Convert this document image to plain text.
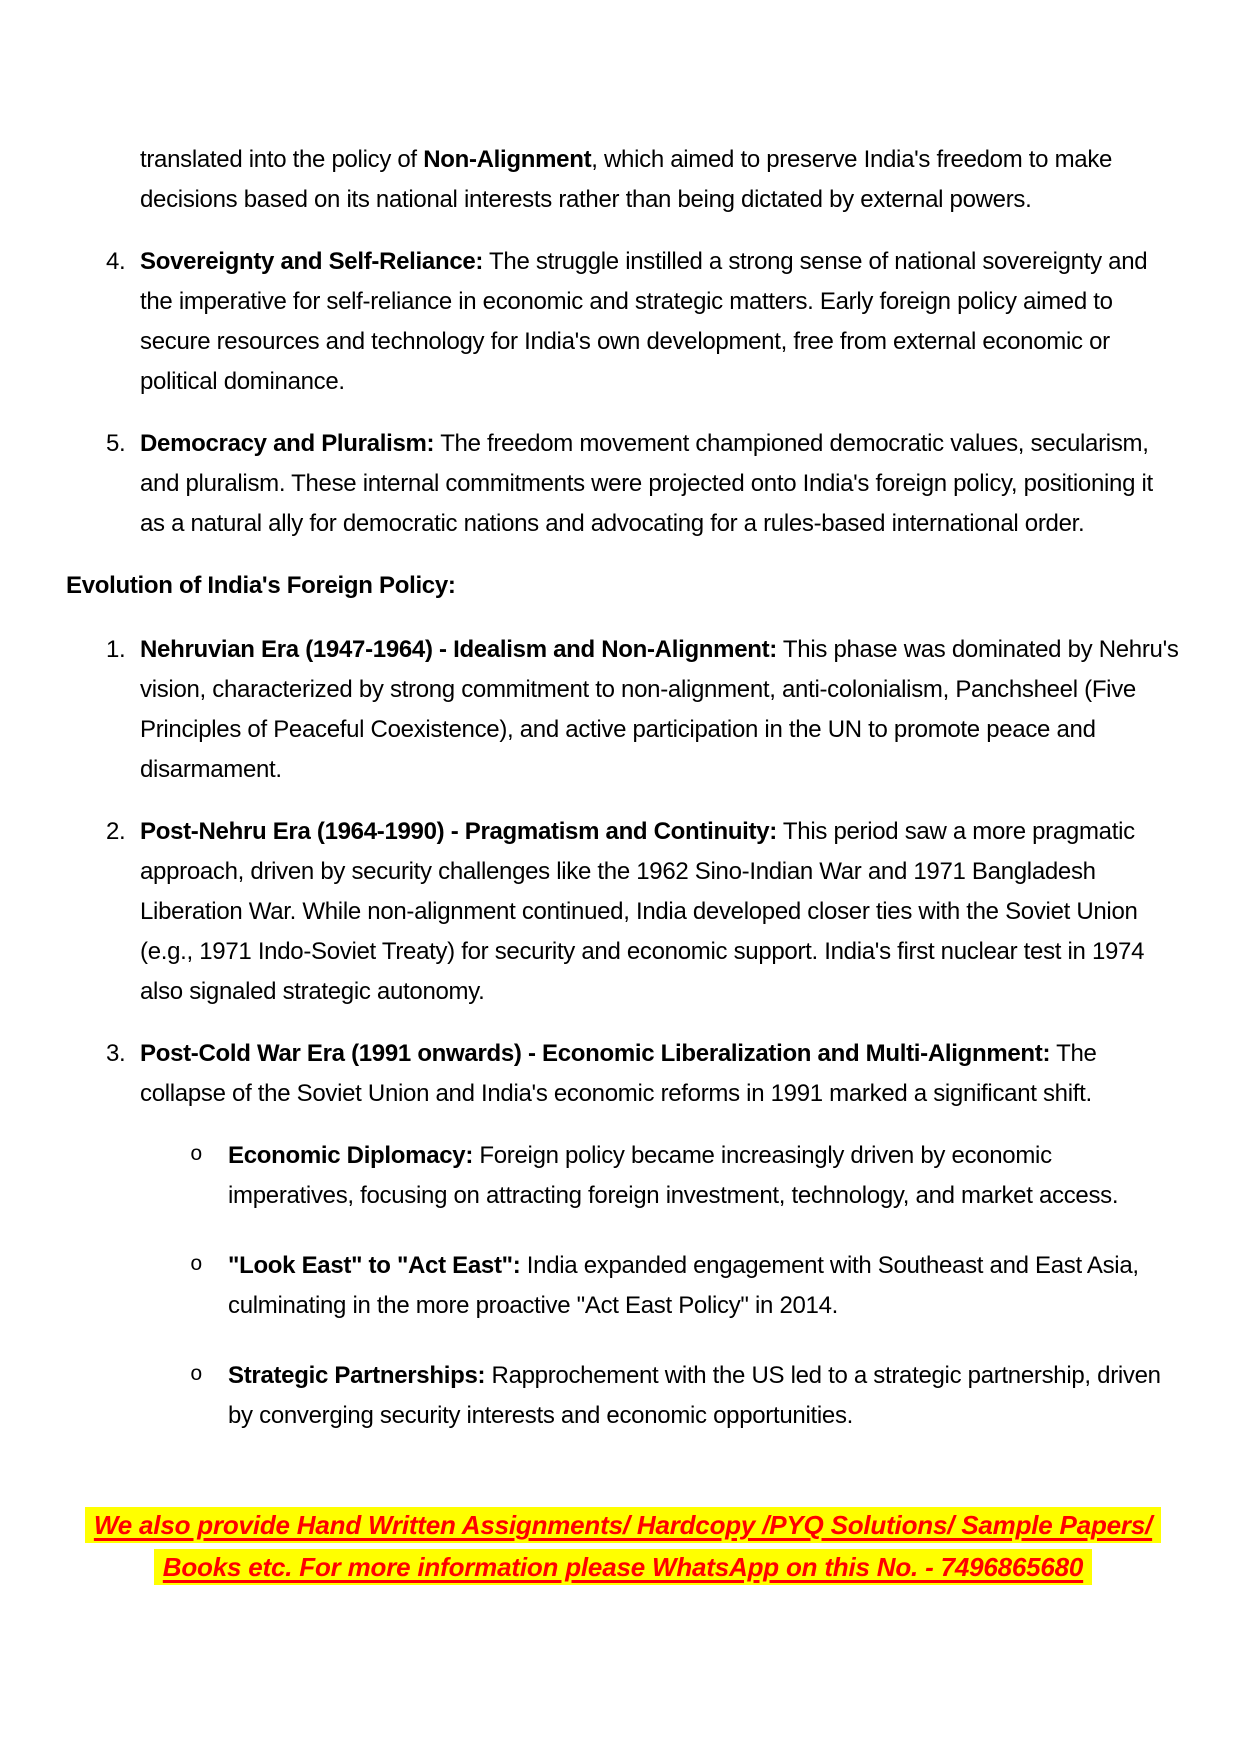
translated into the policy of Non-Alignment, which aimed to preserve India's freedom to make decisions based on its national interests rather than being dictated by external powers.
4. Sovereignty and Self-Reliance: The struggle instilled a strong sense of national sovereignty and the imperative for self-reliance in economic and strategic matters. Early foreign policy aimed to secure resources and technology for India's own development, free from external economic or political dominance.
5. Democracy and Pluralism: The freedom movement championed democratic values, secularism, and pluralism. These internal commitments were projected onto India's foreign policy, positioning it as a natural ally for democratic nations and advocating for a rules-based international order.
Evolution of India's Foreign Policy:
1. Nehruvian Era (1947-1964) - Idealism and Non-Alignment: This phase was dominated by Nehru's vision, characterized by strong commitment to non-alignment, anti-colonialism, Panchsheel (Five Principles of Peaceful Coexistence), and active participation in the UN to promote peace and disarmament.
2. Post-Nehru Era (1964-1990) - Pragmatism and Continuity: This period saw a more pragmatic approach, driven by security challenges like the 1962 Sino-Indian War and 1971 Bangladesh Liberation War. While non-alignment continued, India developed closer ties with the Soviet Union (e.g., 1971 Indo-Soviet Treaty) for security and economic support. India's first nuclear test in 1974 also signaled strategic autonomy.
3. Post-Cold War Era (1991 onwards) - Economic Liberalization and Multi-Alignment: The collapse of the Soviet Union and India's economic reforms in 1991 marked a significant shift.
o Economic Diplomacy: Foreign policy became increasingly driven by economic imperatives, focusing on attracting foreign investment, technology, and market access.
o "Look East" to "Act East": India expanded engagement with Southeast and East Asia, culminating in the more proactive "Act East Policy" in 2014.
o Strategic Partnerships: Rapprochement with the US led to a strategic partnership, driven by converging security interests and economic opportunities.
We also provide Hand Written Assignments/ Hardcopy /PYQ Solutions/ Sample Papers/
Books etc. For more information please WhatsApp on this No. - 7496865680
